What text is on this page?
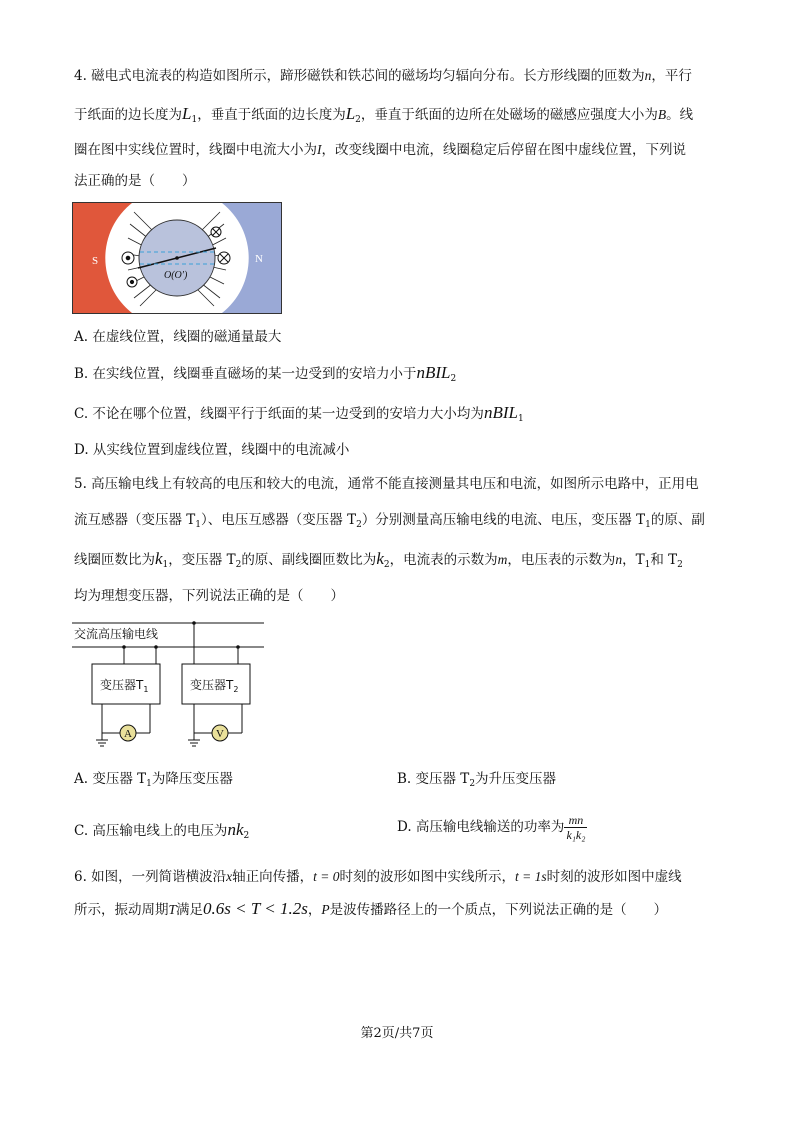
4. 磁电式电流表的构造如图所示，蹄形磁铁和铁芯间的磁场均匀辐向分布。长方形线圈的匝数为n，平行
于纸面的边长度为$L_1$，垂直于纸面的边长度为$L_2$，垂直于纸面的边所在处磁场的磁感应强度大小为B。线
圈在图中实线位置时，线圈中电流大小为I，改变线圈中电流，线圈稳定后停留在图中虚线位置，下列说
法正确的是（　　）
S	N
O(O′)
A. 在虚线位置，线圈的磁通量最大
B. 在实线位置，线圈垂直磁场的某一边受到的安培力小于nBIL$_2$
C. 不论在哪个位置，线圈平行于纸面的某一边受到的安培力大小均为nBIL$_1$
D. 从实线位置到虚线位置，线圈中的电流减小
5. 高压输电线上有较高的电压和较大的电流，通常不能直接测量其电压和电流，如图所示电路中，正用电
流互感器（变压器 $T_1$）、电压互感器（变压器 $T_2$）分别测量高压输电线的电流、电压，变压器 $T_1$的原、副
线圈匝数比为$k_1$，变压器 $T_2$的原、副线圈匝数比为$k_2$，电流表的示数为m，电压表的示数为n，$T_1$和 $T_2$
均为理想变压器，下列说法正确的是（　　）
交流高压输电线
变压器$T_1$	变压器$T_2$
A	V
A. 变压器 $T_1$为降压变压器	B. 变压器 $T_2$为升压变压器
C. 高压输电线上的电压为$nk_2$
D. 高压输电线输送的功率为 $\frac{mn}{\text{k₁k₂}}$
6. 如图，一列简谐横波沿x轴正向传播，t = 0时刻的波形如图中实线所示，t = 1s时刻的波形如图中虚线
所示，振动周期T满足0.6s < T < 1.2s，P是波传播路径上的一个质点，下列说法正确的是（　　）
第2页/共7页
